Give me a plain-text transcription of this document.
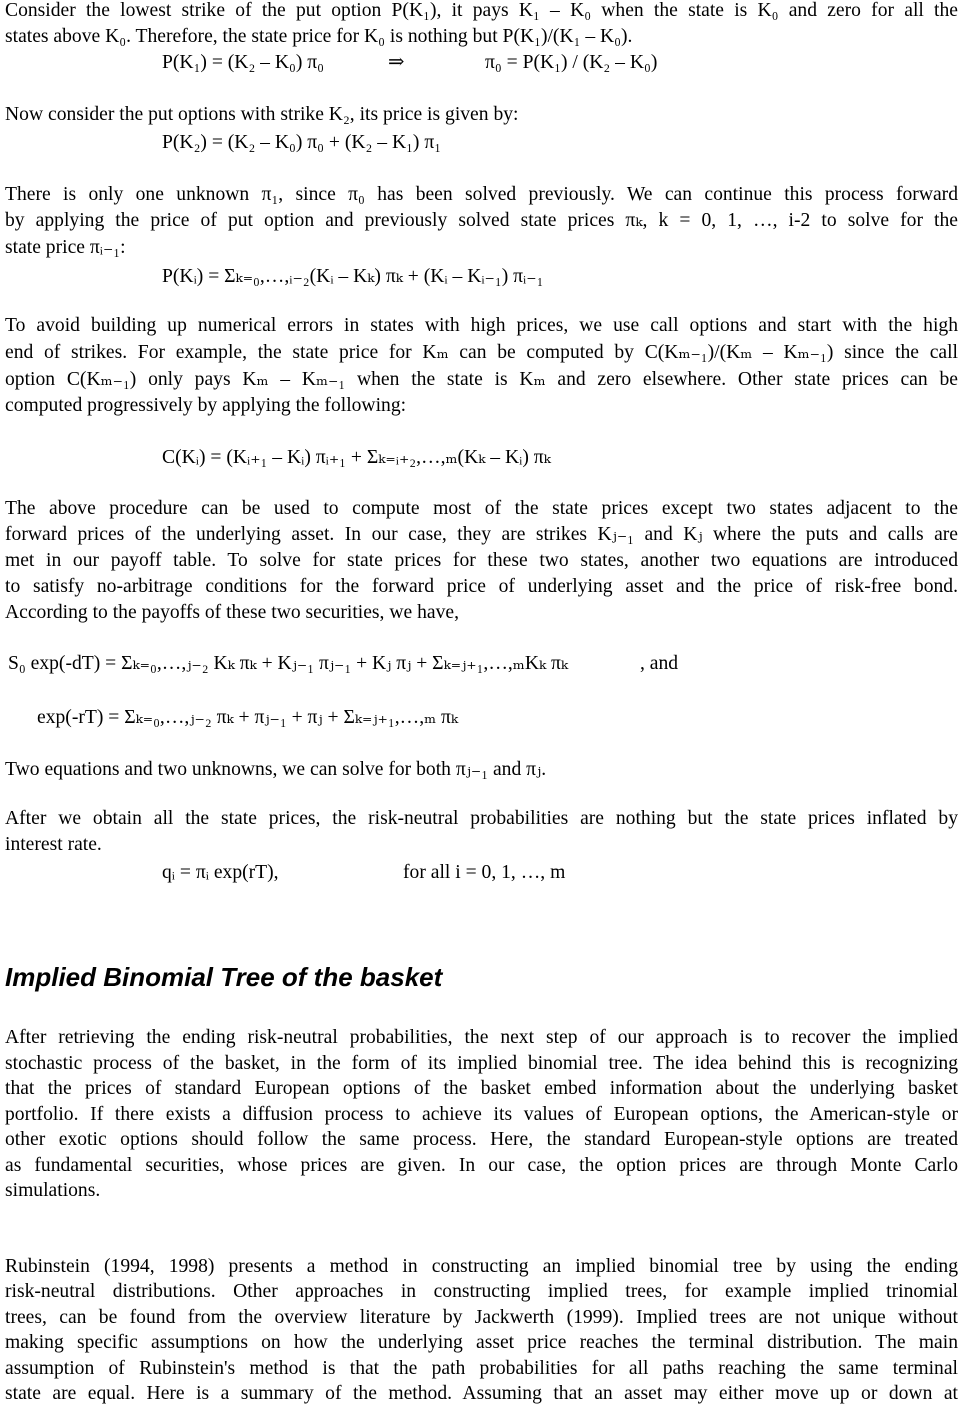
Consider the lowest strike of the put option P(K₁), it pays K₁ – K₀ when the state is K₀ and zero for all the
states above K₀. Therefore, the state price for K₀ is nothing but P(K₁)/(K₁ – K₀).
P(K₁) = (K₂ – K₀) π₀	⇒	π₀ = P(K₁) / (K₂ – K₀)
Now consider the put options with strike K₂, its price is given by:
P(K₂) = (K₂ – K₀) π₀ + (K₂ – K₁) π₁
There is only one unknown π₁, since π₀ has been solved previously. We can continue this process forward
by applying the price of put option and previously solved state prices πₖ, k = 0, 1, …, i-2 to solve for the
state price πᵢ₋₁:
P(Kᵢ) = Σₖ₌₀,…,ᵢ₋₂(Kᵢ – Kₖ) πₖ + (Kᵢ – Kᵢ₋₁) πᵢ₋₁
To avoid building up numerical errors in states with high prices, we use call options and start with the high
end of strikes. For example, the state price for Kₘ can be computed by C(Kₘ₋₁)/(Kₘ – Kₘ₋₁) since the call
option C(Kₘ₋₁) only pays Kₘ – Kₘ₋₁ when the state is Kₘ and zero elsewhere. Other state prices can be
computed progressively by applying the following:
C(Kᵢ) = (Kᵢ₊₁ – Kᵢ) πᵢ₊₁ + Σₖ₌ᵢ₊₂,…,ₘ(Kₖ – Kᵢ) πₖ
The above procedure can be used to compute most of the state prices except two states adjacent to the
forward prices of the underlying asset. In our case, they are strikes Kⱼ₋₁ and Kⱼ where the puts and calls are
met in our payoff table. To solve for state prices for these two states, another two equations are introduced
to satisfy no-arbitrage conditions for the forward price of underlying asset and the price of risk-free bond.
According to the payoffs of these two securities, we have,
S₀ exp(-dT) = Σₖ₌₀,…,ⱼ₋₂ Kₖ πₖ + Kⱼ₋₁ πⱼ₋₁ + Kⱼ πⱼ + Σₖ₌ⱼ₊₁,…,ₘKₖ πₖ	, and
exp(-rT) = Σₖ₌₀,…,ⱼ₋₂ πₖ + πⱼ₋₁ + πⱼ + Σₖ₌ⱼ₊₁,…,ₘ πₖ
Two equations and two unknowns, we can solve for both πⱼ₋₁ and πⱼ.
After we obtain all the state prices, the risk-neutral probabilities are nothing but the state prices inflated by
interest rate.
qᵢ = πᵢ exp(rT),	for all i = 0, 1, …, m
Implied Binomial Tree of the basket
After retrieving the ending risk-neutral probabilities, the next step of our approach is to recover the implied
stochastic process of the basket, in the form of its implied binomial tree. The idea behind this is recognizing
that the prices of standard European options of the basket embed information about the underlying basket
portfolio. If there exists a diffusion process to achieve its values of European options, the American-style or
other exotic options should follow the same process. Here, the standard European-style options are treated
as fundamental securities, whose prices are given. In our case, the option prices are through Monte Carlo
simulations.
Rubinstein (1994, 1998) presents a method in constructing an implied binomial tree by using the ending
risk-neutral distributions. Other approaches in constructing implied trees, for example implied trinomial
trees, can be found from the overview literature by Jackwerth (1999). Implied trees are not unique without
making specific assumptions on how the underlying asset price reaches the terminal distribution. The main
assumption of Rubinstein's method is that the path probabilities for all paths reaching the same terminal
state are equal. Here is a summary of the method. Assuming that an asset may either move up or down at
